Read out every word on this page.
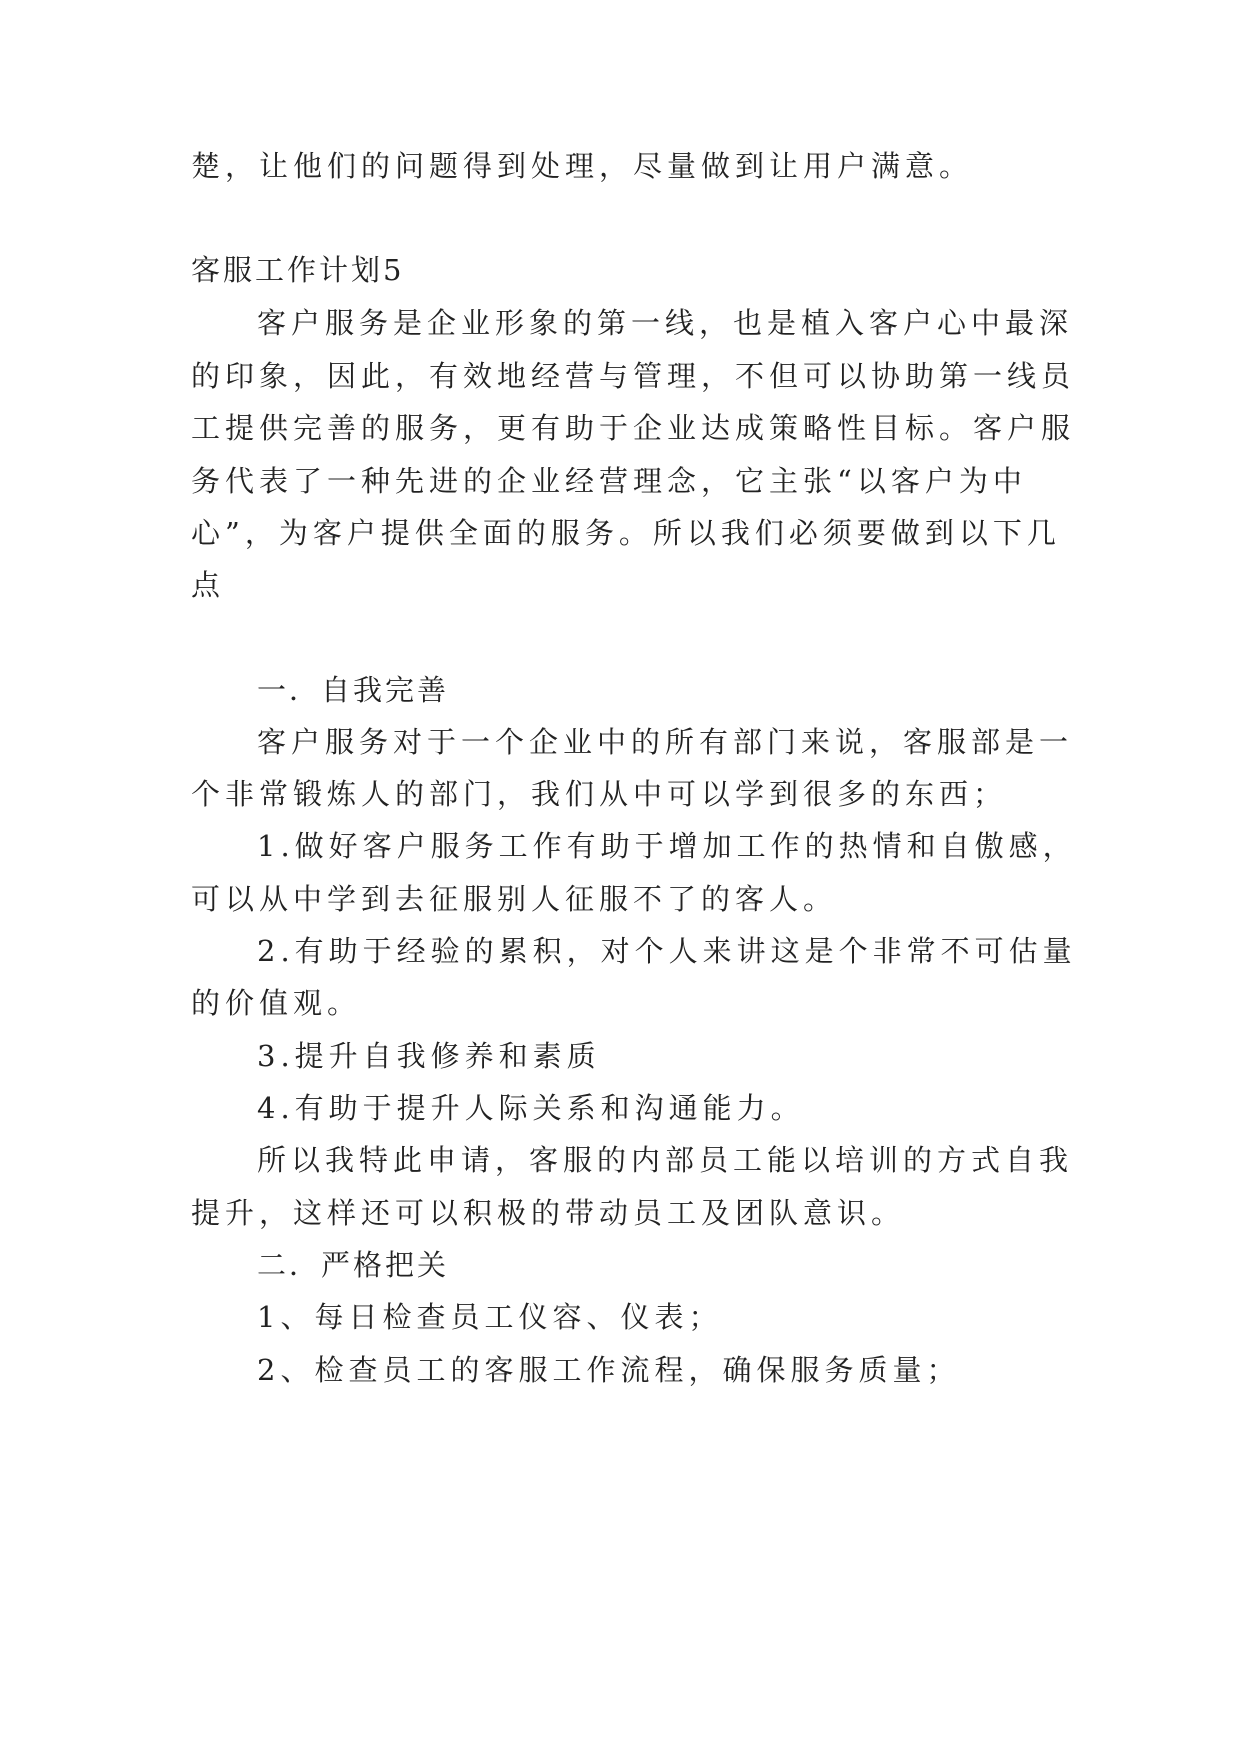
楚，让他们的问题得到处理，尽量做到让用户满意。
客服工作计划5
客户服务是企业形象的第一线，也是植入客户心中最深
的印象，因此，有效地经营与管理，不但可以协助第一线员
工提供完善的服务，更有助于企业达成策略性目标。客户服
务代表了一种先进的企业经营理念，它主张“以客户为中
心”，为客户提供全面的服务。所以我们必须要做到以下几
点
一．自我完善
客户服务对于一个企业中的所有部门来说，客服部是一
个非常锻炼人的部门，我们从中可以学到很多的东西；
1.做好客户服务工作有助于增加工作的热情和自傲感，
可以从中学到去征服别人征服不了的客人。
2.有助于经验的累积，对个人来讲这是个非常不可估量
的价值观。
3.提升自我修养和素质
4.有助于提升人际关系和沟通能力。
所以我特此申请，客服的内部员工能以培训的方式自我
提升，这样还可以积极的带动员工及团队意识。
二．严格把关
1、每日检查员工仪容、仪表；
2、检查员工的客服工作流程，确保服务质量；
